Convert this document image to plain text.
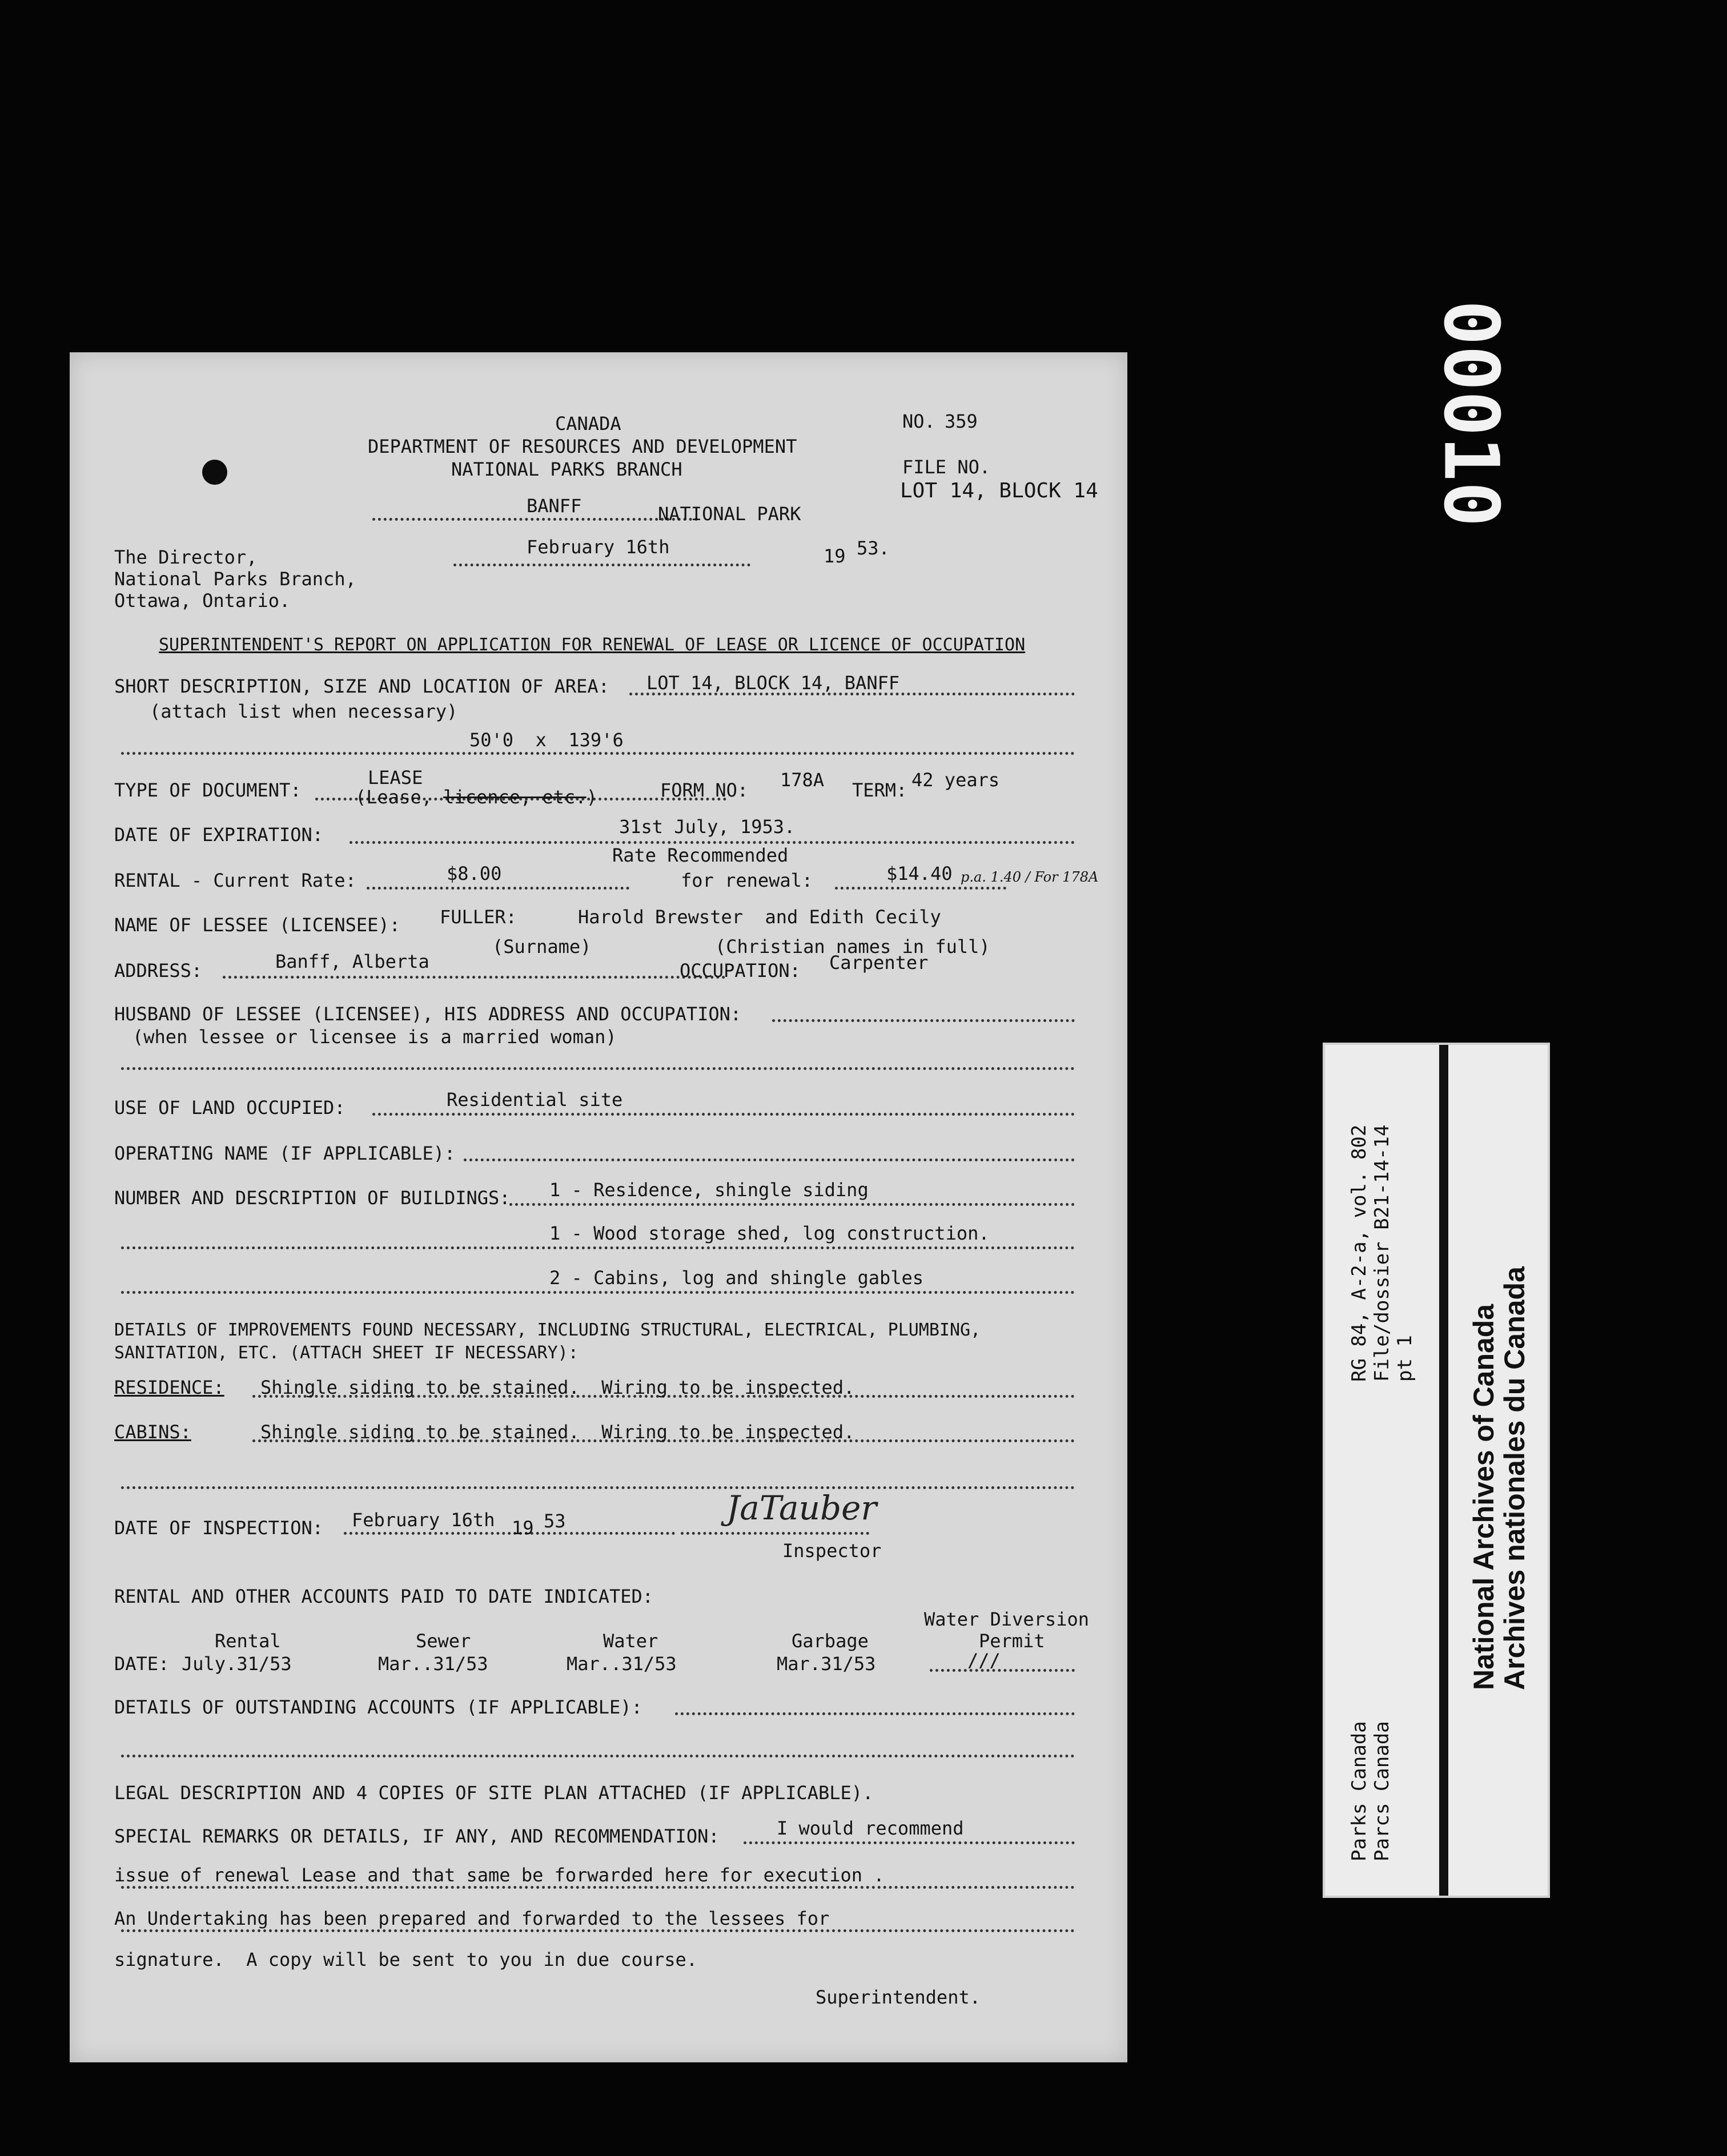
00010
CANADA
DEPARTMENT OF RESOURCES AND DEVELOPMENT
NATIONAL PARKS BRANCH
NO. 359
FILE NO.
LOT 14, BLOCK 14
BANFF	NATIONAL PARK
February 16th	19 53.
The Director,
National Parks Branch,
Ottawa, Ontario.
SUPERINTENDENT'S REPORT ON APPLICATION FOR RENEWAL OF LEASE OR LICENCE OF OCCUPATION
SHORT DESCRIPTION, SIZE AND LOCATION OF AREA: LOT 14, BLOCK 14, BANFF
(attach list when necessary)
50'0  x  139'6
TYPE OF DOCUMENT:
LEASE
(Lease, licence, etc.)	FORM NO: 178A TERM: 42 years
DATE OF EXPIRATION:	31st July, 1953.
Rate Recommended
RENTAL - Current Rate:	$8.00	for renewal:	$14.40 p.a. 1.40 / For 178A
NAME OF LESSEE (LICENSEE): FULLER:	Harold Brewster  and Edith Cecily
(Surname)	(Christian names in full)
ADDRESS:	Banff, Alberta	OCCUPATION: Carpenter
HUSBAND OF LESSEE (LICENSEE), HIS ADDRESS AND OCCUPATION:
(when lessee or licensee is a married woman)
USE OF LAND OCCUPIED:	Residential site
OPERATING NAME (IF APPLICABLE):
NUMBER AND DESCRIPTION OF BUILDINGS: 1 - Residence, shingle siding
1 - Wood storage shed, log construction.
2 - Cabins, log and shingle gables
DETAILS OF IMPROVEMENTS FOUND NECESSARY, INCLUDING STRUCTURAL, ELECTRICAL, PLUMBING,
SANITATION, ETC. (ATTACH SHEET IF NECESSARY):
RESIDENCE: Shingle siding to be stained.  Wiring to be inspected.
CABINS:	Shingle siding to be stained.  Wiring to be inspected.
DATE OF INSPECTION: February 16th 19 53	JaTauber
Inspector
RENTAL AND OTHER ACCOUNTS PAID TO DATE INDICATED:
Water Diversion
Permit
Rental	Sewer	Water	Garbage
DATE: July.31/53	Mar..31/53	Mar..31/53	Mar.31/53	///
DETAILS OF OUTSTANDING ACCOUNTS (IF APPLICABLE):
LEGAL DESCRIPTION AND 4 COPIES OF SITE PLAN ATTACHED (IF APPLICABLE).
SPECIAL REMARKS OR DETAILS, IF ANY, AND RECOMMENDATION:	I would recommend
issue of renewal Lease and that same be forwarded here for execution .
An Undertaking has been prepared and forwarded to the lessees for
signature.  A copy will be sent to you in due course.
Superintendent.
RG 84, A-2-a, vol. 802 File/dossier B21-14-14 pt 1
Parks Canada Parcs Canada
National Archives of Canada
Archives nationales du Canada
